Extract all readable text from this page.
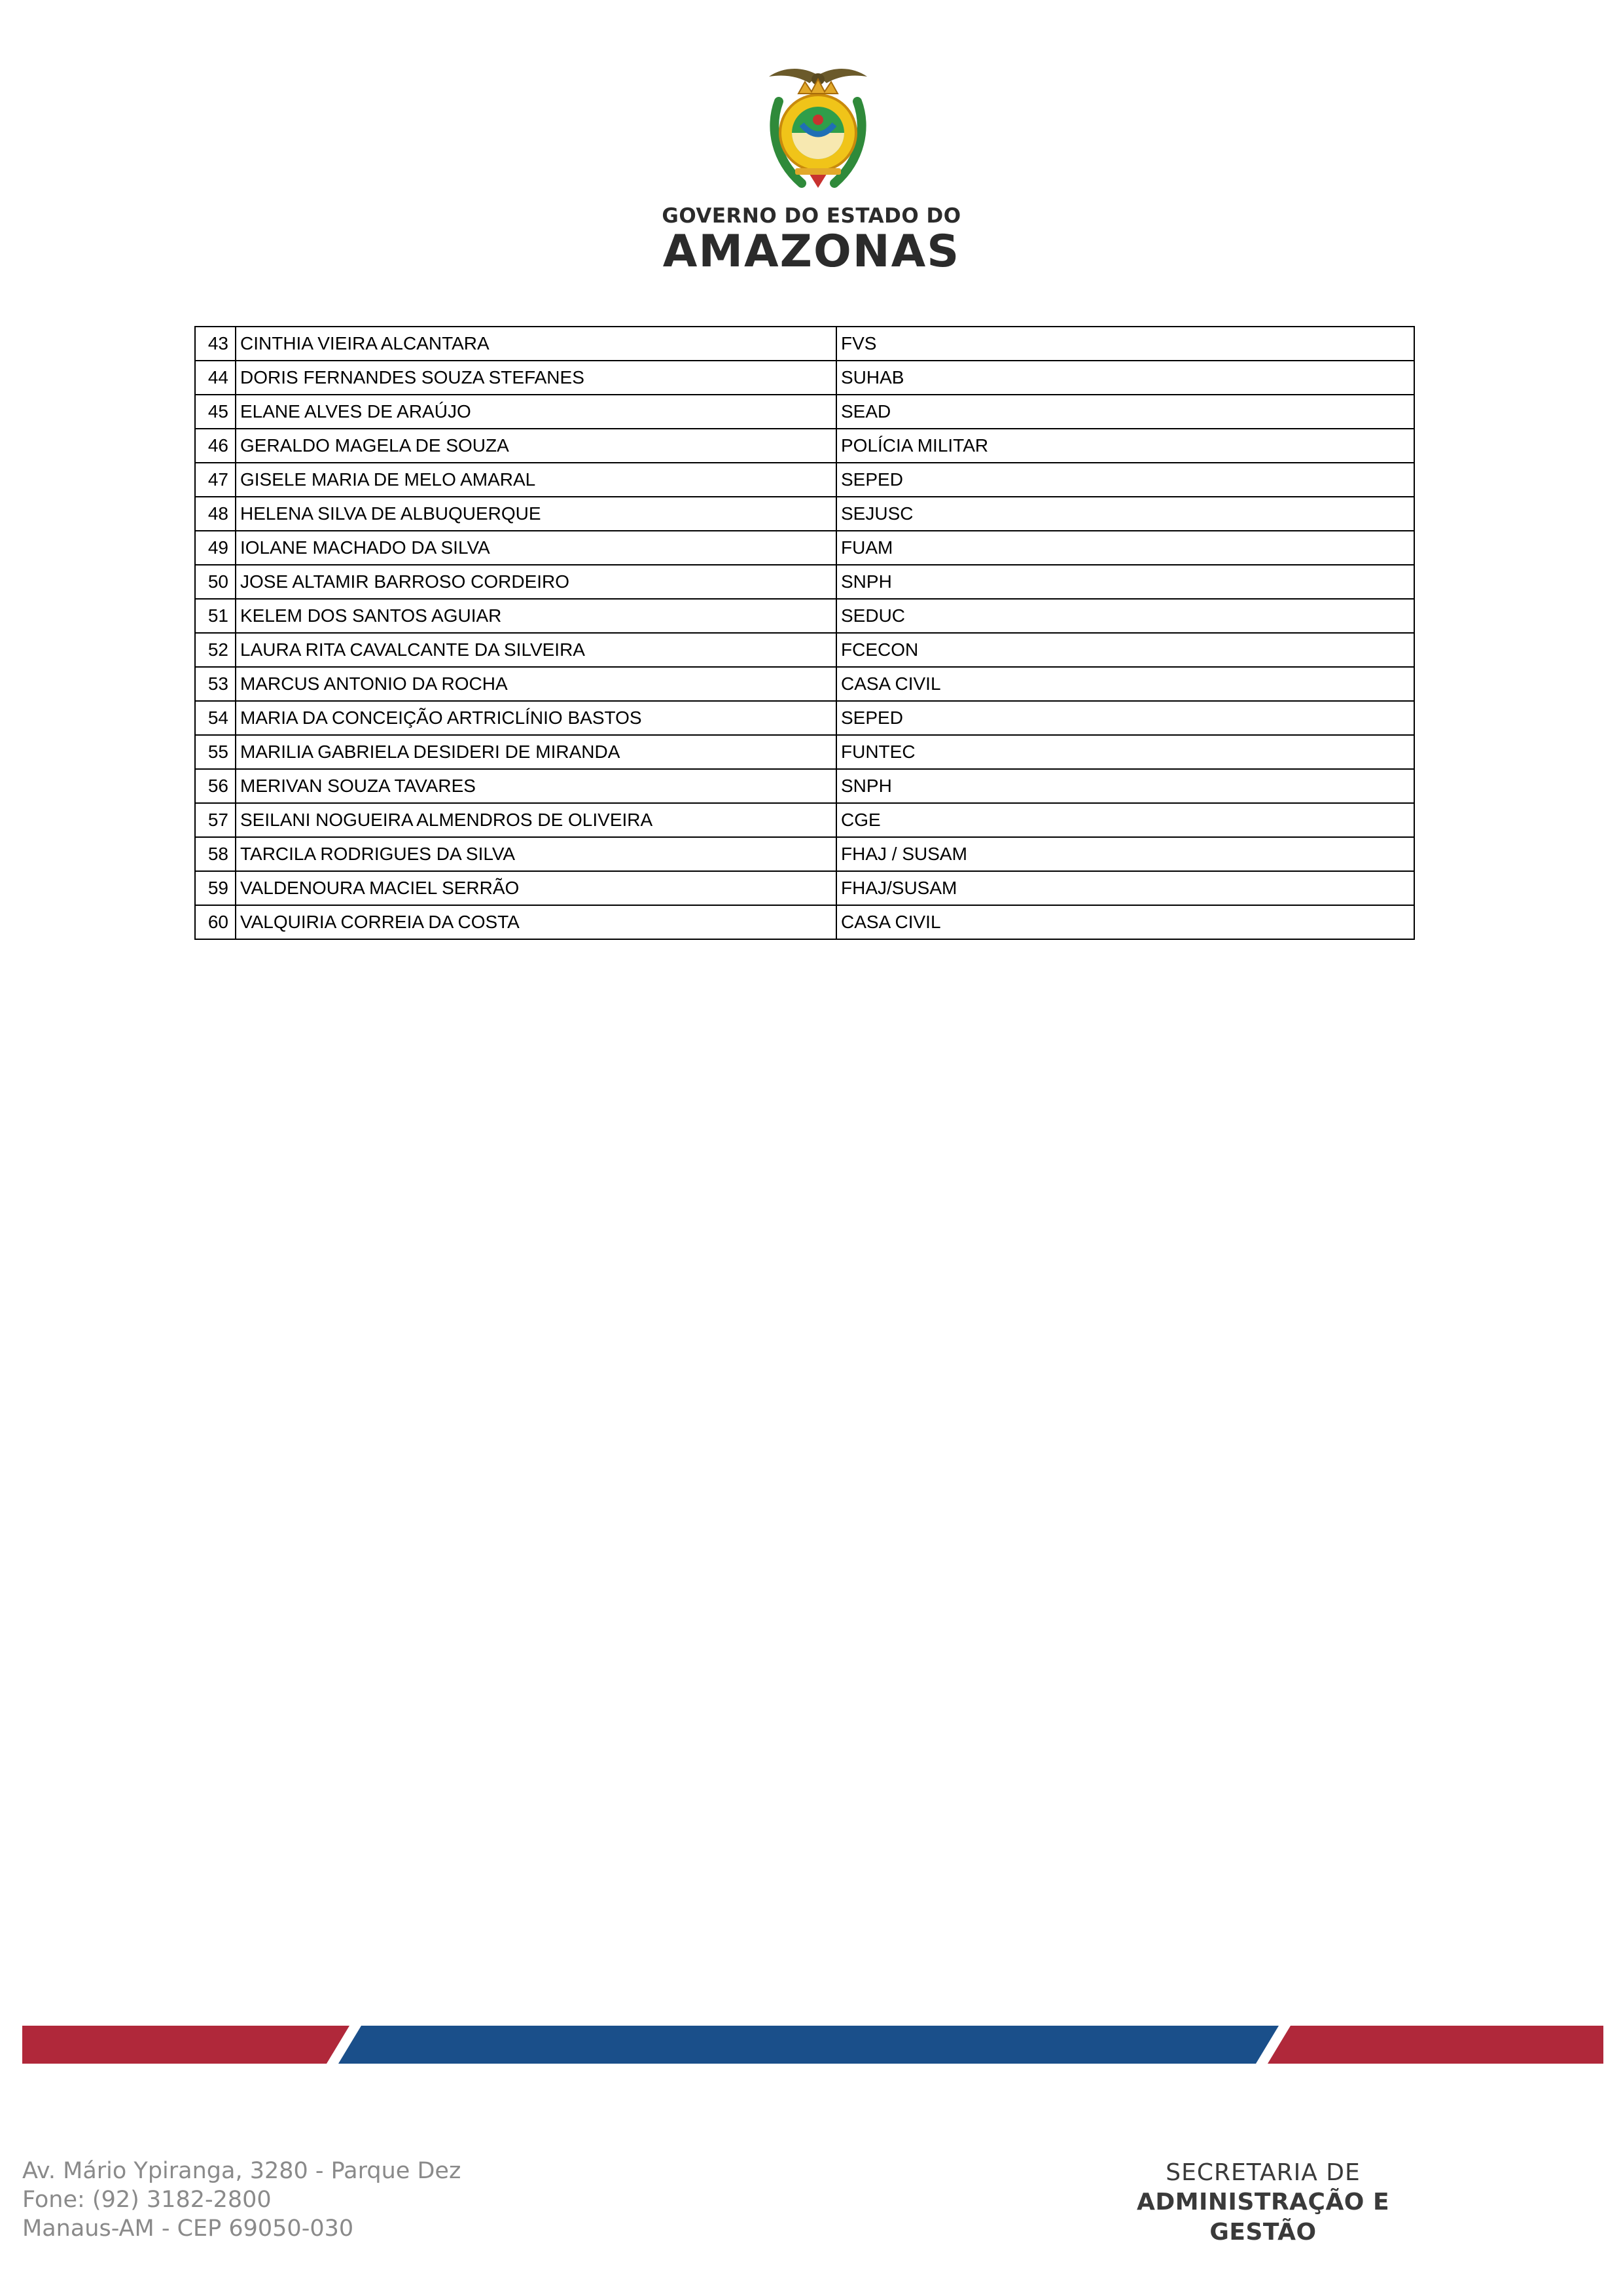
GOVERNO DO ESTADO DO
AMAZONAS
43	CINTHIA VIEIRA ALCANTARA	FVS
44	DORIS FERNANDES SOUZA STEFANES	SUHAB
45	ELANE ALVES DE ARAÚJO	SEAD
46	GERALDO MAGELA DE SOUZA	POLÍCIA MILITAR
47	GISELE MARIA DE MELO AMARAL	SEPED
48	HELENA SILVA DE ALBUQUERQUE	SEJUSC
49	IOLANE MACHADO DA SILVA	FUAM
50	JOSE ALTAMIR BARROSO CORDEIRO	SNPH
51	KELEM DOS SANTOS AGUIAR	SEDUC
52	LAURA RITA CAVALCANTE DA SILVEIRA	FCECON
53	MARCUS ANTONIO DA ROCHA	CASA CIVIL
54	MARIA DA CONCEIÇÃO ARTRICLÍNIO BASTOS	SEPED
55	MARILIA GABRIELA DESIDERI DE MIRANDA	FUNTEC
56	MERIVAN SOUZA TAVARES	SNPH
57	SEILANI NOGUEIRA ALMENDROS DE OLIVEIRA	CGE
58	TARCILA RODRIGUES DA SILVA	FHAJ / SUSAM
59	VALDENOURA MACIEL SERRÃO	FHAJ/SUSAM
60	VALQUIRIA CORREIA DA COSTA	CASA CIVIL
Av. Mário Ypiranga, 3280 - Parque Dez
Fone: (92) 3182-2800
Manaus-AM - CEP 69050-030
SECRETARIA DE
ADMINISTRAÇÃO E GESTÃO
